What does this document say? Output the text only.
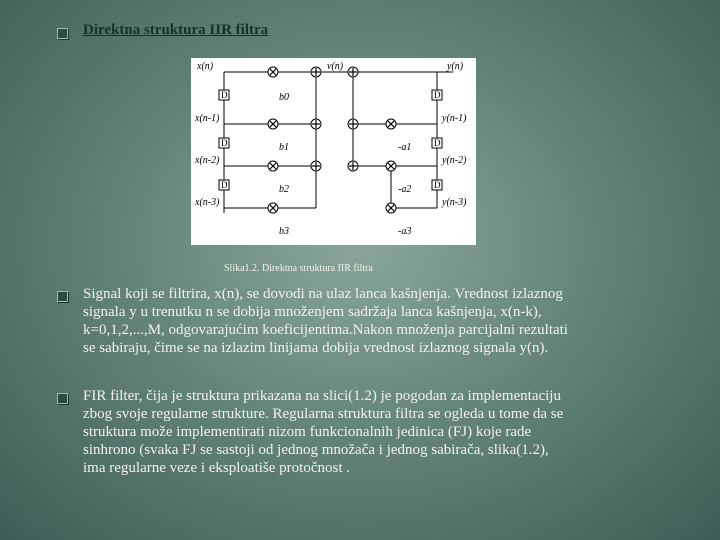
Direktna struktura IIR filtra
D
D
D
D
D
D
x(n)
x(n-1)
x(n-2)
x(n-3)
v(n)	y(n)
y(n-1)
y(n-2)
y(n-3)
b0
b1
b2
b3
-a1
-a2
-a3
Slika1.2. Direktna struktura IIR filtra
Signal koji se filtrira, x(n), se dovodi na ulaz lanca kašnjenja. Vrednost izlaznog
signala y u trenutku n se dobija množenjem sadržaja lanca kašnjenja, x(n-k),
k=0,1,2,...,M, odgovarajućim koeficijentima.Nakon množenja parcijalni rezultati
se sabiraju, čime se na izlazim linijama dobija vrednost izlaznog signala y(n).
FIR filter, čija je struktura prikazana na slici(1.2) je pogodan za implementaciju
zbog svoje regularne strukture. Regularna struktura filtra se ogleda u tome da se
struktura može implementirati nizom funkcionalnih jedinica (FJ) koje rade
sinhrono (svaka FJ se sastoji od jednog množača i jednog sabirača, slika(1.2),
ima regularne veze i eksploatiše protočnost .
